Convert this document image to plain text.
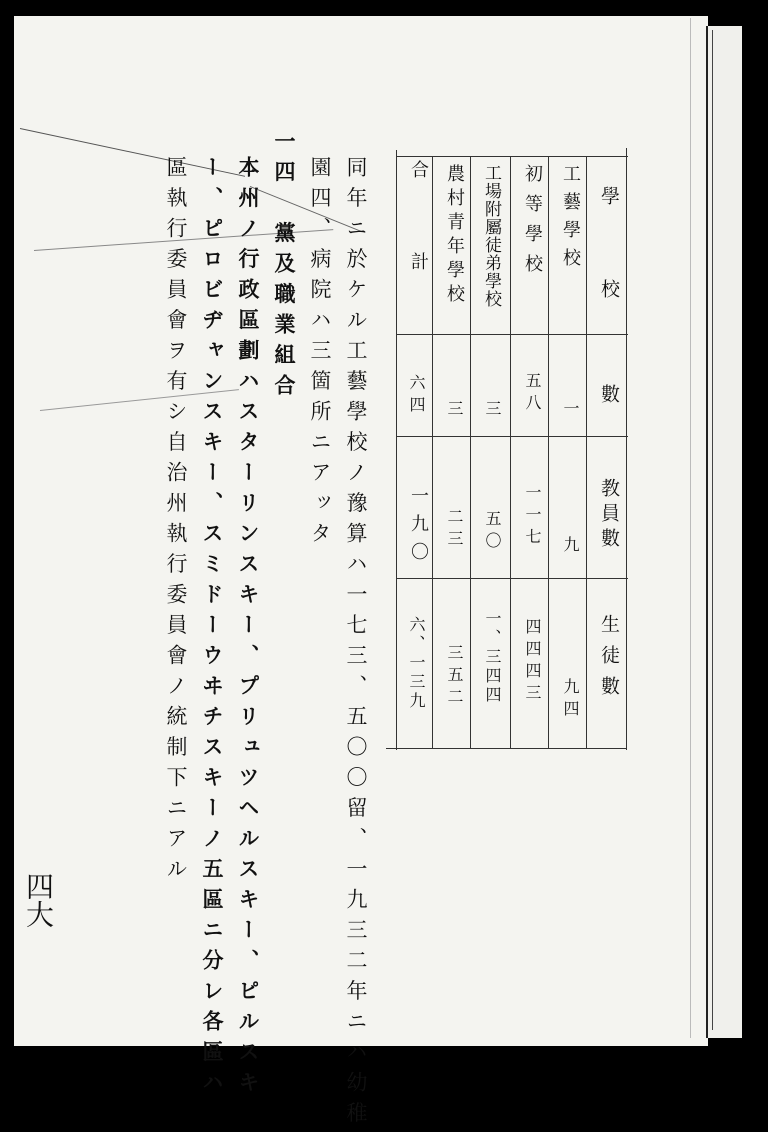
學 校
數
教員數
生徒數
工藝學校
一
九
九四
初等學校
五八
一一七
四四四三
工場附屬徒弟學校
三
五〇
一、三四四
農村青年學校
三
二三
三五二
合　計
六四
一九〇
六、一三九
同年ニ於ケル工藝學校ノ豫算ハ一七三、五〇〇留、一九三二年ニハ幼稚
園四、病院ハ三箇所ニアッタ
一四　黨及職業組合
本州ノ行政區劃ハスターリンスキー、プリュツヘルスキー、ピルスキ
ー、ピロビヂャンスキー、スミドーウヰチスキーノ五區ニ分レ各區ハ
區執行委員會ヲ有シ自治州執行委員會ノ統制下ニアル
四大
